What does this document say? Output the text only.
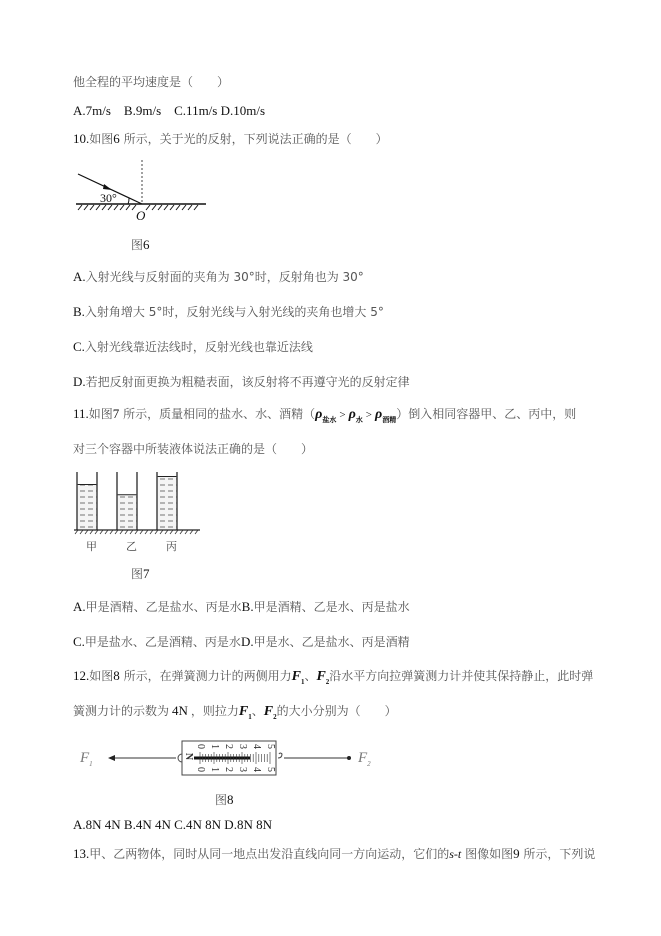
他全程的平均速度是（　　）
A.7m/s　B.9m/s　C.11m/s D.10m/s
10.如图6 所示，关于光的反射，下列说法正确的是（　　）
30°
O
图6
A.入射光线与反射面的夹角为 30°时，反射角也为 30°
B.入射角增大 5°时，反射光线与入射光线的夹角也增大 5°
C.入射光线靠近法线时，反射光线也靠近法线
D.若把反射面更换为粗糙表面，该反射将不再遵守光的反射定律
11.如图7 所示，质量相同的盐水、水、酒精$(\rho_{盐水} > \rho_水 > \rho_{酒精})$倒入相同容器甲、乙、丙中，则
对三个容器中所装液体说法正确的是（　　）
甲	乙	丙
图7
A.甲是酒精、乙是盐水、丙是水B.甲是酒精、乙是水、丙是盐水
C.甲是盐水、乙是酒精、丙是水D.甲是水、乙是盐水、丙是酒精
12.如图8 所示，在弹簧测力计的两侧用力$F_1$、$F_2$沿水平方向拉弹簧测力计并使其保持静止，此时弹
簧测力计的示数为 4N ，则拉力$F_1$、$F_2$的大小分别为（　　）
N
0 1 2 3 4 5
0 1 2 3 4 5
$F_1$	$F_2$
图8
A.8N 4N B.4N 4N C.4N 8N D.8N 8N
13.甲、乙两物体，同时从同一地点出发沿直线向同一方向运动，它们的s-t 图像如图9 所示，下列说
